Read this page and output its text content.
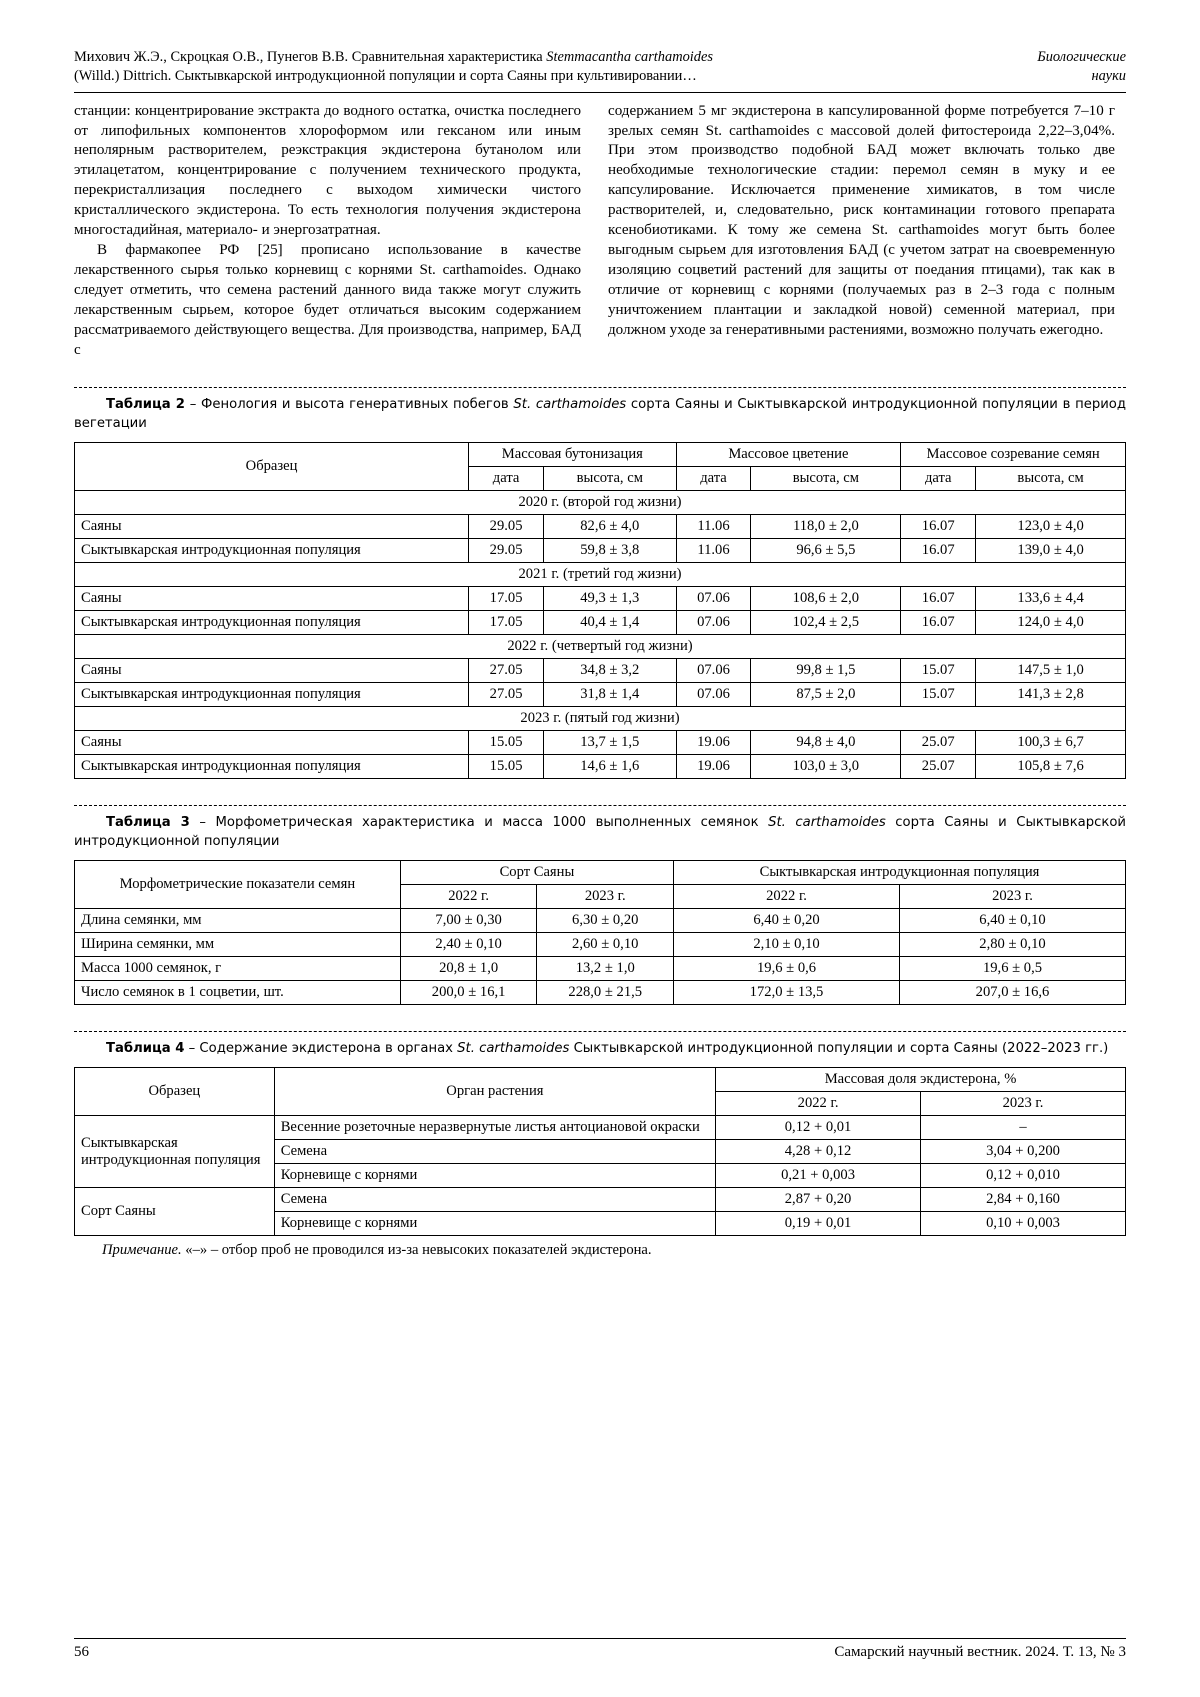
Михович Ж.Э., Скроцкая О.В., Пунегов В.В. Сравнительная характеристика Stemmacantha carthamoides
(Willd.) Dittrich. Сыктывкарской интродукционной популяции и сорта Саяны при культивировании…
Биологические
науки

станции: концентрирование экстракта до водного остатка, очистка последнего от липофильных компонентов хлороформом или гексаном или иным неполярным растворителем, реэкстракция экдистерона бутанолом или этилацетатом, концентрирование с получением технического продукта, перекристаллизация последнего с выходом химически чистого кристаллического экдистерона. То есть технология получения экдистерона многостадийная, материало- и энергозатратная.

В фармакопее РФ [25] прописано использование в качестве лекарственного сырья только корневищ с корнями St. carthamoides. Однако следует отметить, что семена растений данного вида также могут служить лекарственным сырьем, которое будет отличаться высоким содержанием рассматриваемого действующего вещества. Для производства, например, БАД с

содержанием 5 мг экдистерона в капсулированной форме потребуется 7–10 г зрелых семян St. carthamoides с массовой долей фитостероида 2,22–3,04%. При этом производство подобной БАД может включать только две необходимые технологические стадии: перемол семян в муку и ее капсулирование. Исключается применение химикатов, в том числе растворителей, и, следовательно, риск контаминации готового препарата ксенобиотиками. К тому же семена St. carthamoides могут быть более выгодным сырьем для изготовления БАД (с учетом затрат на своевременную изоляцию соцветий растений для защиты от поедания птицами), так как в отличие от корневищ с корнями (получаемых раз в 2–3 года с полным уничтожением плантации и закладкой новой) семенной материал, при должном уходе за генеративными растениями, возможно получать ежегодно.

Таблица 2 – Фенология и высота генеративных побегов St. carthamoides сорта Саяны и Сыктывкарской интродукционной популяции в период вегетации

Образец	Массовая бутонизация		Массовое цветение		Массовое созревание семян	
	дата	высота, см	дата	высота, см	дата	высота, см
2020 г. (второй год жизни)						
Саяны	29.05	82,6 ± 4,0	11.06	118,0 ± 2,0	16.07	123,0 ± 4,0
Сыктывкарская интродукционная популяция	29.05	59,8 ± 3,8	11.06	96,6 ± 5,5	16.07	139,0 ± 4,0
2021 г. (третий год жизни)						
Саяны	17.05	49,3 ± 1,3	07.06	108,6 ± 2,0	16.07	133,6 ± 4,4
Сыктывкарская интродукционная популяция	17.05	40,4 ± 1,4	07.06	102,4 ± 2,5	16.07	124,0 ± 4,0
2022 г. (четвертый год жизни)						
Саяны	27.05	34,8 ± 3,2	07.06	99,8 ± 1,5	15.07	147,5 ± 1,0
Сыктывкарская интродукционная популяция	27.05	31,8 ± 1,4	07.06	87,5 ± 2,0	15.07	141,3 ± 2,8
2023 г. (пятый год жизни)						
Саяны	15.05	13,7 ± 1,5	19.06	94,8 ± 4,0	25.07	100,3 ± 6,7
Сыктывкарская интродукционная популяция	15.05	14,6 ± 1,6	19.06	103,0 ± 3,0	25.07	105,8 ± 7,6

Таблица 3 – Морфометрическая характеристика и масса 1000 выполненных семянок St. carthamoides сорта Саяны и Сыктывкарской интродукционной популяции

Морфометрические показатели семян	Сорт Саяны		Сыктывкарская интродукционная популяция	
	2022 г.	2023 г.	2022 г.	2023 г.
Длина семянки, мм	7,00 ± 0,30	6,30 ± 0,20	6,40 ± 0,20	6,40 ± 0,10
Ширина семянки, мм	2,40 ± 0,10	2,60 ± 0,10	2,10 ± 0,10	2,80 ± 0,10
Масса 1000 семянок, г	20,8 ± 1,0	13,2 ± 1,0	19,6 ± 0,6	19,6 ± 0,5
Число семянок в 1 соцветии, шт.	200,0 ± 16,1	228,0 ± 21,5	172,0 ± 13,5	207,0 ± 16,6

Таблица 4 – Содержание экдистерона в органах St. carthamoides Сыктывкарской интродукционной популяции и сорта Саяны (2022–2023 гг.)

Образец	Орган растения	Массовая доля экдистерона, %	
		2022 г.	2023 г.
Сыктывкарская интродукционная популяция	Весенние розеточные неразвернутые листья антоциановой окраски	0,12 + 0,01	–
	Семена	4,28 + 0,12	3,04 + 0,200
	Корневище с корнями	0,21 + 0,003	0,12 + 0,010
Сорт Саяны	Семена	2,87 + 0,20	2,84 + 0,160
	Корневище с корнями	0,19 + 0,01	0,10 + 0,003

Примечание. «–» – отбор проб не проводился из-за невысоких показателей экдистерона.

56	Самарский научный вестник. 2024. Т. 13, № 3
